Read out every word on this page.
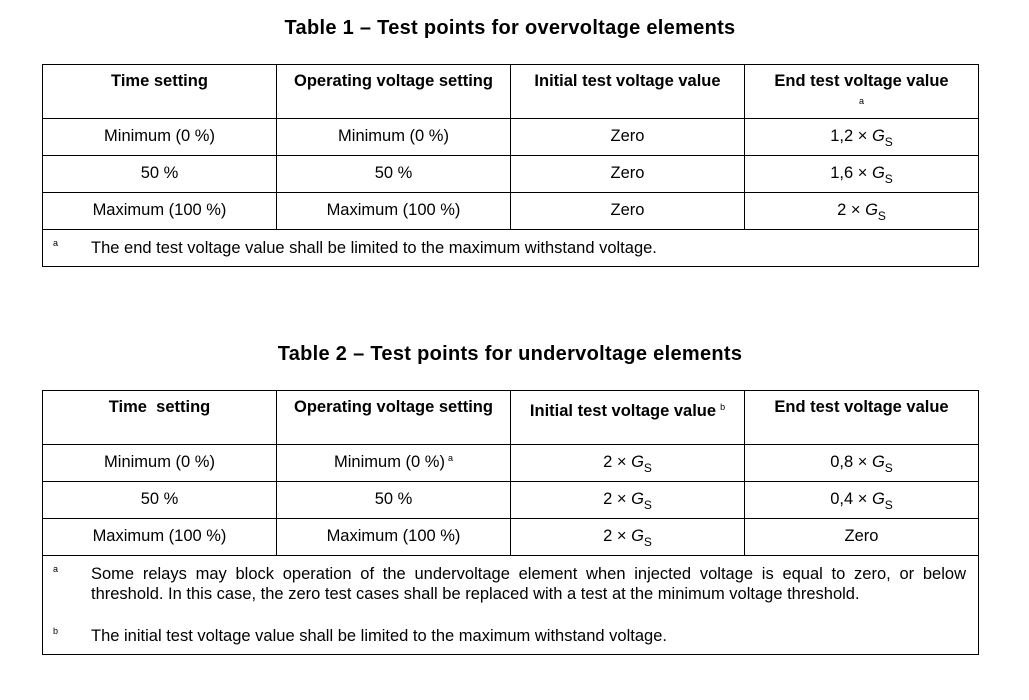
Table 1 – Test points for overvoltage elements
Time setting	Operating voltage setting	Initial test voltage value	End test voltage value
$^a$
Minimum (0 %)	Minimum (0 %)	Zero	$1,2 \times G_S$
50 %	50 %	Zero	$1,6 \times G_S$
Maximum (100 %)	Maximum (100 %)	Zero	$2 \times G_S$

a The end test voltage value shall be limited to the maximum withstand voltage.			
Table 2 – Test points for undervoltage elements
Time  setting	Operating voltage setting	Initial test voltage value $^b$	End test voltage value
Minimum (0 %)	Minimum (0 %) $^a$	$2 \times G_S$	$0,8 \times G_S$
50 %	50 %	$2 \times G_S$	$0,4 \times G_S$
Maximum (100 %)	Maximum (100 %)	$2 \times G_S$	Zero

a Some relays may block operation of the undervoltage element when injected voltage is equal to zero, or below threshold. In this case, the zero test cases shall be replaced with a test at the minimum voltage threshold.
b The initial test voltage value shall be limited to the maximum withstand voltage.			
